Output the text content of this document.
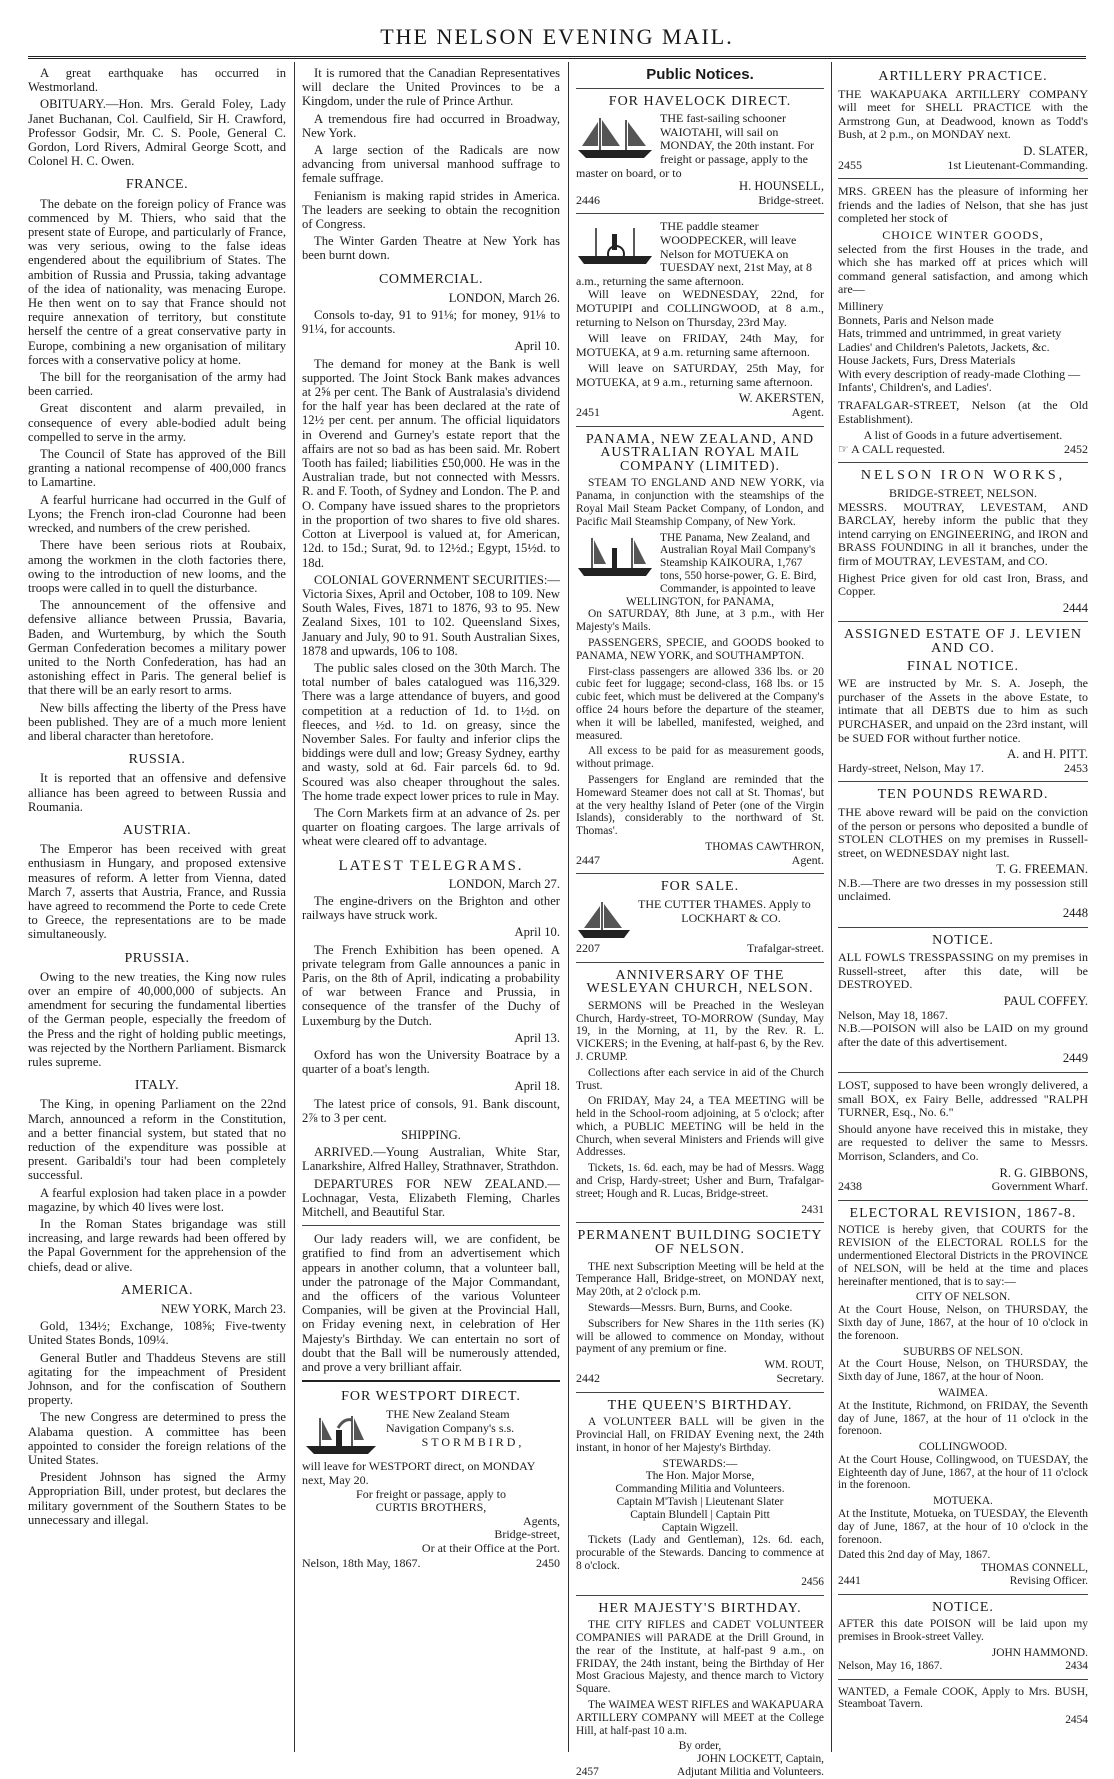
THE NELSON EVENING MAIL.

A great earthquake has occurred in Westmorland.

OBITUARY.—Hon. Mrs. Gerald Foley, Lady Janet Buchanan, Col. Caulfield, Sir H. Crawford, Professor Godsir, Mr. C. S. Poole, General C. Gordon, Lord Rivers, Admiral George Scott, and Colonel H. C. Owen.

FRANCE.

The debate on the foreign policy of France was commenced by M. Thiers, who said that the present state of Europe, and particularly of France, was very serious, owing to the false ideas engendered about the equilibrium of States. The ambition of Russia and Prussia, taking advantage of the idea of nationality, was menacing Europe. He then went on to say that France should not require annexation of territory, but constitute herself the centre of a great conservative party in Europe, combining a new organisation of military forces with a conservative policy at home.

The bill for the reorganisation of the army had been carried.

Great discontent and alarm prevailed, in consequence of every able-bodied adult being compelled to serve in the army.

The Council of State has approved of the Bill granting a national recompense of 400,000 francs to Lamartine.

A fearful hurricane had occurred in the Gulf of Lyons; the French iron-clad Couronne had been wrecked, and numbers of the crew perished.

There have been serious riots at Roubaix, among the workmen in the cloth factories there, owing to the introduction of new looms, and the troops were called in to quell the disturbance.

The announcement of the offensive and defensive alliance between Prussia, Bavaria, Baden, and Wurtemburg, by which the South German Confederation becomes a military power united to the North Confederation, has had an astonishing effect in Paris. The general belief is that there will be an early resort to arms.

New bills affecting the liberty of the Press have been published. They are of a much more lenient and liberal character than heretofore.

RUSSIA.

It is reported that an offensive and defensive alliance has been agreed to between Russia and Roumania.

AUSTRIA.

The Emperor has been received with great enthusiasm in Hungary, and proposed extensive measures of reform. A letter from Vienna, dated March 7, asserts that Austria, France, and Russia have agreed to recommend the Porte to cede Crete to Greece, the representations are to be made simultaneously.

PRUSSIA.

Owing to the new treaties, the King now rules over an empire of 40,000,000 of subjects. An amendment for securing the fundamental liberties of the German people, especially the freedom of the Press and the right of holding public meetings, was rejected by the Northern Parliament. Bismarck rules supreme.

ITALY.

The King, in opening Parliament on the 22nd March, announced a reform in the Constitution, and a better financial system, but stated that no reduction of the expenditure was possible at present. Garibaldi's tour had been completely successful.

A fearful explosion had taken place in a powder magazine, by which 40 lives were lost.

In the Roman States brigandage was still increasing, and large rewards had been offered by the Papal Government for the apprehension of the chiefs, dead or alive.

AMERICA.
NEW YORK, March 23.

Gold, 134½; Exchange, 108⅝; Five-twenty United States Bonds, 109¼.

General Butler and Thaddeus Stevens are still agitating for the impeachment of President Johnson, and for the confiscation of Southern property.

The new Congress are determined to press the Alabama question. A committee has been appointed to consider the foreign relations of the United States.

President Johnson has signed the Army Appropriation Bill, under protest, but declares the military government of the Southern States to be unnecessary and illegal.

It is rumored that the Canadian Representatives will declare the United Provinces to be a Kingdom, under the rule of Prince Arthur.

A tremendous fire had occurred in Broadway, New York.

A large section of the Radicals are now advancing from universal manhood suffrage to female suffrage.

Fenianism is making rapid strides in America. The leaders are seeking to obtain the recognition of Congress.

The Winter Garden Theatre at New York has been burnt down.

COMMERCIAL.
LONDON, March 26.

Consols to-day, 91 to 91⅛; for money, 91⅛ to 91¼, for accounts.

April 10.

The demand for money at the Bank is well supported. The Joint Stock Bank makes advances at 2⅝ per cent. The Bank of Australasia's dividend for the half year has been declared at the rate of 12½ per cent. per annum. The official liquidators in Overend and Gurney's estate report that the affairs are not so bad as has been said. Mr. Robert Tooth has failed; liabilities £50,000. He was in the Australian trade, but not connected with Messrs. R. and F. Tooth, of Sydney and London. The P. and O. Company have issued shares to the proprietors in the proportion of two shares to five old shares. Cotton at Liverpool is valued at, for American, 12d. to 15d.; Surat, 9d. to 12½d.; Egypt, 15½d. to 18d.

COLONIAL GOVERNMENT SECURITIES:— Victoria Sixes, April and October, 108 to 109. New South Wales, Fives, 1871 to 1876, 93 to 95. New Zealand Sixes, 101 to 102. Queensland Sixes, January and July, 90 to 91. South Australian Sixes, 1878 and upwards, 106 to 108.

The public sales closed on the 30th March. The total number of bales catalogued was 116,329. There was a large attendance of buyers, and good competition at a reduction of 1d. to 1½d. on fleeces, and ½d. to 1d. on greasy, since the November Sales. For faulty and inferior clips the biddings were dull and low; Greasy Sydney, earthy and wasty, sold at 6d. Fair parcels 6d. to 9d. Scoured was also cheaper throughout the sales. The home trade expect lower prices to rule in May.

The Corn Markets firm at an advance of 2s. per quarter on floating cargoes. The large arrivals of wheat were cleared off to advantage.

LATEST TELEGRAMS.
LONDON, March 27.

The engine-drivers on the Brighton and other railways have struck work.

April 10.

The French Exhibition has been opened. A private telegram from Galle announces a panic in Paris, on the 8th of April, indicating a probability of war between France and Prussia, in consequence of the transfer of the Duchy of Luxemburg by the Dutch.

April 13.

Oxford has won the University Boatrace by a quarter of a boat's length.

April 18.

The latest price of consols, 91. Bank discount, 2⅞ to 3 per cent.

SHIPPING.

ARRIVED.—Young Australian, White Star, Lanarkshire, Alfred Halley, Strathnaver, Strathdon.

DEPARTURES FOR NEW ZEALAND.— Lochnagar, Vesta, Elizabeth Fleming, Charles Mitchell, and Beautiful Star.

Our lady readers will, we are confident, be gratified to find from an advertisement which appears in another column, that a volunteer ball, under the patronage of the Major Commandant, and the officers of the various Volunteer Companies, will be given at the Provincial Hall, on Friday evening next, in celebration of Her Majesty's Birthday. We can entertain no sort of doubt that the Ball will be numerously attended, and prove a very brilliant affair.

FOR WESTPORT DIRECT.
THE New Zealand Steam Navigation Company's s.s.
STORMBIRD,
will leave for WESTPORT direct, on MONDAY next, May 20.
For freight or passage, apply to
CURTIS BROTHERS,
Agents,
Bridge-street,
Or at their Office at the Port.
Nelson, 18th May, 1867.	2450
Public Notices.
FOR HAVELOCK DIRECT.
THE fast-sailing schooner WAIOTAHI, will sail on MONDAY, the 20th instant. For freight or passage, apply to the master on board, or to
H. HOUNSELL,
2446	Bridge-street.
THE paddle steamer WOODPECKER, will leave Nelson for MOTUEKA on TUESDAY next, 21st May, at 8 a.m., returning the same afternoon.

Will leave on WEDNESDAY, 22nd, for MOTUPIPI and COLLINGWOOD, at 8 a.m., returning to Nelson on Thursday, 23rd May.

Will leave on FRIDAY, 24th May, for MOTUEKA, at 9 a.m. returning same afternoon.

Will leave on SATURDAY, 25th May, for MOTUEKA, at 9 a.m., returning same afternoon.

W. AKERSTEN,
2451	Agent.
PANAMA, NEW ZEALAND, AND AUSTRALIAN ROYAL MAIL COMPANY (LIMITED).

STEAM TO ENGLAND AND NEW YORK, via Panama, in conjunction with the steamships of the Royal Mail Steam Packet Company, of London, and Pacific Mail Steamship Company, of New York.

THE Panama, New Zealand, and Australian Royal Mail Company's Steamship KAIKOURA, 1,767 tons, 550 horse-power, G. E. Bird, Commander, is appointed to leave
WELLINGTON, for PANAMA,

On SATURDAY, 8th June, at 3 p.m., with Her Majesty's Mails.

PASSENGERS, SPECIE, and GOODS booked to PANAMA, NEW YORK, and SOUTHAMPTON.

First-class passengers are allowed 336 lbs. or 20 cubic feet for luggage; second-class, 168 lbs. or 15 cubic feet, which must be delivered at the Company's office 24 hours before the departure of the steamer, when it will be labelled, manifested, weighed, and measured.

All excess to be paid for as measurement goods, without primage.

Passengers for England are reminded that the Homeward Steamer does not call at St. Thomas', but at the very healthy Island of Peter (one of the Virgin Islands), considerably to the northward of St. Thomas'.

THOMAS CAWTHRON,
2447	Agent.
FOR SALE.
THE CUTTER THAMES. Apply to
LOCKHART & CO.
2207	Trafalgar-street.
ANNIVERSARY OF THE WESLEYAN CHURCH, NELSON.

SERMONS will be Preached in the Wesleyan Church, Hardy-street, TO-MORROW (Sunday, May 19, in the Morning, at 11, by the Rev. R. L. VICKERS; in the Evening, at half-past 6, by the Rev. J. CRUMP.

Collections after each service in aid of the Church Trust.

On FRIDAY, May 24, a TEA MEETING will be held in the School-room adjoining, at 5 o'clock; after which, a PUBLIC MEETING will be held in the Church, when several Ministers and Friends will give Addresses.

Tickets, 1s. 6d. each, may be had of Messrs. Wagg and Crisp, Hardy-street; Usher and Burn, Trafalgar-street; Hough and R. Lucas, Bridge-street.

2431
PERMANENT BUILDING SOCIETY OF NELSON.

THE next Subscription Meeting will be held at the Temperance Hall, Bridge-street, on MONDAY next, May 20th, at 2 o'clock p.m.

Stewards—Messrs. Burn, Burns, and Cooke.

Subscribers for New Shares in the 11th series (K) will be allowed to commence on Monday, without payment of any premium or fine.

WM. ROUT,
2442	Secretary.
THE QUEEN'S BIRTHDAY.

A VOLUNTEER BALL will be given in the Provincial Hall, on FRIDAY Evening next, the 24th instant, in honor of her Majesty's Birthday.

STEWARDS:—
The Hon. Major Morse,
Commanding Militia and Volunteers.
Captain M'Tavish | Lieutenant Slater
Captain Blundell | Captain Pitt
Captain Wigzell.

Tickets (Lady and Gentleman), 12s. 6d. each, procurable of the Stewards. Dancing to commence at 8 o'clock.

2456
HER MAJESTY'S BIRTHDAY.

THE CITY RIFLES and CADET VOLUNTEER COMPANIES will PARADE at the Drill Ground, in the rear of the Institute, at half-past 9 a.m., on FRIDAY, the 24th instant, being the Birthday of Her Most Gracious Majesty, and thence march to Victory Square.

The WAIMEA WEST RIFLES and WAKAPUARA ARTILLERY COMPANY will MEET at the College Hill, at half-past 10 a.m.

By order,
JOHN LOCKETT, Captain,
2457	Adjutant Militia and Volunteers.
ARTILLERY PRACTICE.

THE WAKAPUAKA ARTILLERY COMPANY will meet for SHELL PRACTICE with the Armstrong Gun, at Deadwood, known as Todd's Bush, at 2 p.m., on MONDAY next.

D. SLATER,
2455	1st Lieutenant-Commanding.

MRS. GREEN has the pleasure of informing her friends and the ladies of Nelson, that she has just completed her stock of

CHOICE WINTER GOODS,

selected from the first Houses in the trade, and which she has marked off at prices which will command general satisfaction, and among which are—

Millinery
Bonnets, Paris and Nelson made
Hats, trimmed and untrimmed, in great variety
Ladies' and Children's Paletots, Jackets, &c.
House Jackets, Furs, Dress Materials
With every description of ready-made Clothing —Infants', Children's, and Ladies'.

TRAFALGAR-STREET, Nelson (at the Old Establishment).

A list of Goods in a future advertisement.
☞ A CALL requested.	2452
NELSON IRON WORKS,
BRIDGE-STREET, NELSON.

MESSRS. MOUTRAY, LEVESTAM, AND BARCLAY, hereby inform the public that they intend carrying on ENGINEERING, and IRON and BRASS FOUNDING in all it branches, under the firm of MOUTRAY, LEVESTAM, and CO.

Highest Price given for old cast Iron, Brass, and Copper.

2444
ASSIGNED ESTATE OF J. LEVIEN AND CO.
FINAL NOTICE.

WE are instructed by Mr. S. A. Joseph, the purchaser of the Assets in the above Estate, to intimate that all DEBTS due to him as such PURCHASER, and unpaid on the 23rd instant, will be SUED FOR without further notice.

A. and H. PITT.
Hardy-street, Nelson, May 17.	2453
TEN POUNDS REWARD.

THE above reward will be paid on the conviction of the person or persons who deposited a bundle of STOLEN CLOTHES on my premises in Russell-street, on WEDNESDAY night last.

T. G. FREEMAN.

N.B.—There are two dresses in my possession still unclaimed.

2448
NOTICE.

ALL FOWLS TRESSPASSING on my premises in Russell-street, after this date, will be DESTROYED.

PAUL COFFEY.
Nelson, May 18, 1867.

N.B.—POISON will also be LAID on my ground after the date of this advertisement.

2449

LOST, supposed to have been wrongly delivered, a small BOX, ex Fairy Belle, addressed "RALPH TURNER, Esq., No. 6."

Should anyone have received this in mistake, they are requested to deliver the same to Messrs. Morrison, Sclanders, and Co.

R. G. GIBBONS,
2438	Government Wharf.
ELECTORAL REVISION, 1867-8.

NOTICE is hereby given, that COURTS for the REVISION of the ELECTORAL ROLLS for the undermentioned Electoral Districts in the PROVINCE of NELSON, will be held at the time and places hereinafter mentioned, that is to say:—

CITY OF NELSON.

At the Court House, Nelson, on THURSDAY, the Sixth day of June, 1867, at the hour of 10 o'clock in the forenoon.

SUBURBS OF NELSON.

At the Court House, Nelson, on THURSDAY, the Sixth day of June, 1867, at the hour of Noon.

WAIMEA.

At the Institute, Richmond, on FRIDAY, the Seventh day of June, 1867, at the hour of 11 o'clock in the forenoon.

COLLINGWOOD.

At the Court House, Collingwood, on TUESDAY, the Eighteenth day of June, 1867, at the hour of 11 o'clock in the forenoon.

MOTUEKA.

At the Institute, Motueka, on TUESDAY, the Eleventh day of June, 1867, at the hour of 10 o'clock in the forenoon.

Dated this 2nd day of May, 1867.
THOMAS CONNELL,
2441	Revising Officer.
NOTICE.

AFTER this date POISON will be laid upon my premises in Brook-street Valley.

JOHN HAMMOND.
Nelson, May 16, 1867.	2434

WANTED, a Female COOK, Apply to Mrs. BUSH, Steamboat Tavern.

2454
